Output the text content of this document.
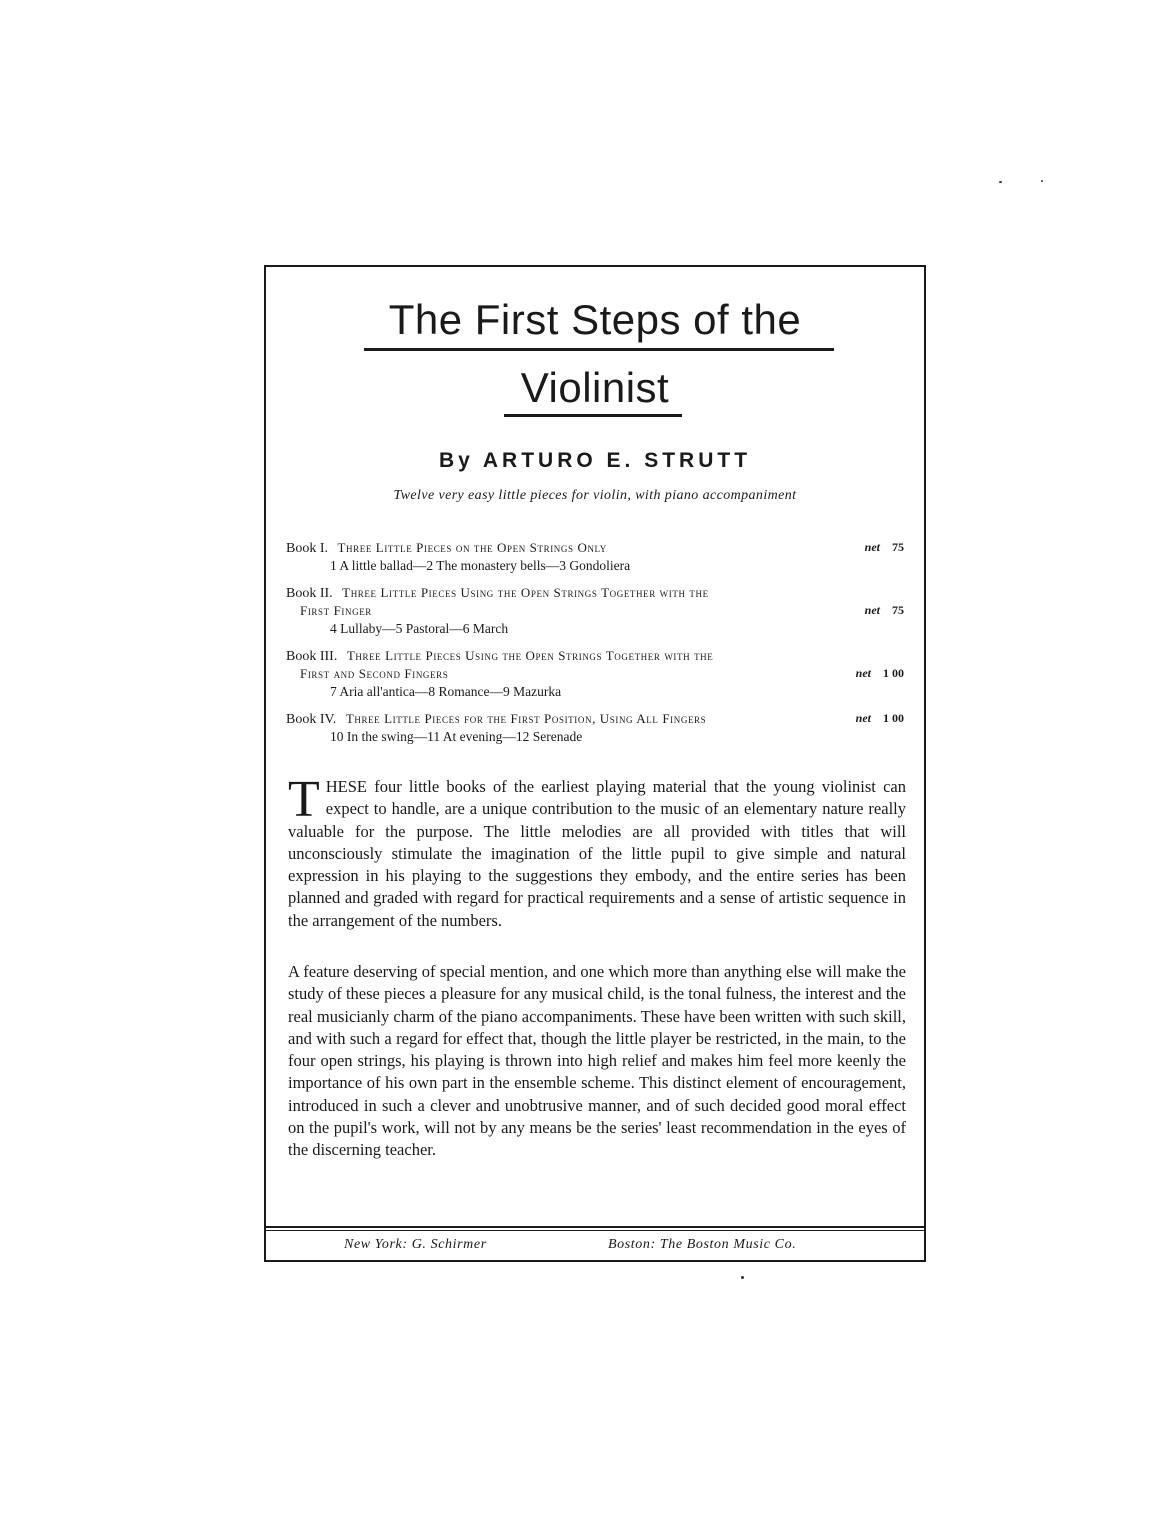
The First Steps of the
Violinist
By ARTURO E. STRUTT
Twelve very easy little pieces for violin, with piano accompaniment
Book I. Three Little Pieces on the Open Strings Only	net 75
1 A little ballad—2 The monastery bells—3 Gondoliera
Book II. Three Little Pieces Using the Open Strings Together with the
First Finger	net 75
4 Lullaby—5 Pastoral—6 March
Book III. Three Little Pieces Using the Open Strings Together with the
First and Second Fingers	net 1 00
7 Aria all'antica—8 Romance—9 Mazurka
Book IV. Three Little Pieces for the First Position, Using All Fingers	net 1 00
10 In the swing—11 At evening—12 Serenade
THESE four little books of the earliest playing material that the young violinist can expect to handle, are a unique contribution to the music of an elementary nature really valuable for the purpose. The little melodies are all provided with titles that will unconsciously stimulate the imagination of the little pupil to give simple and natural expression in his playing to the suggestions they embody, and the entire series has been planned and graded with regard for practical requirements and a sense of artistic sequence in the arrangement of the numbers.
A feature deserving of special mention, and one which more than anything else will make the study of these pieces a pleasure for any musical child, is the tonal fulness, the interest and the real musicianly charm of the piano accompaniments. These have been written with such skill, and with such a regard for effect that, though the little player be restricted, in the main, to the four open strings, his playing is thrown into high relief and makes him feel more keenly the importance of his own part in the ensemble scheme. This distinct element of encouragement, introduced in such a clever and unobtrusive manner, and of such decided good moral effect on the pupil's work, will not by any means be the series' least recommendation in the eyes of the discerning teacher.
New York: G. Schirmer	Boston: The Boston Music Co.
